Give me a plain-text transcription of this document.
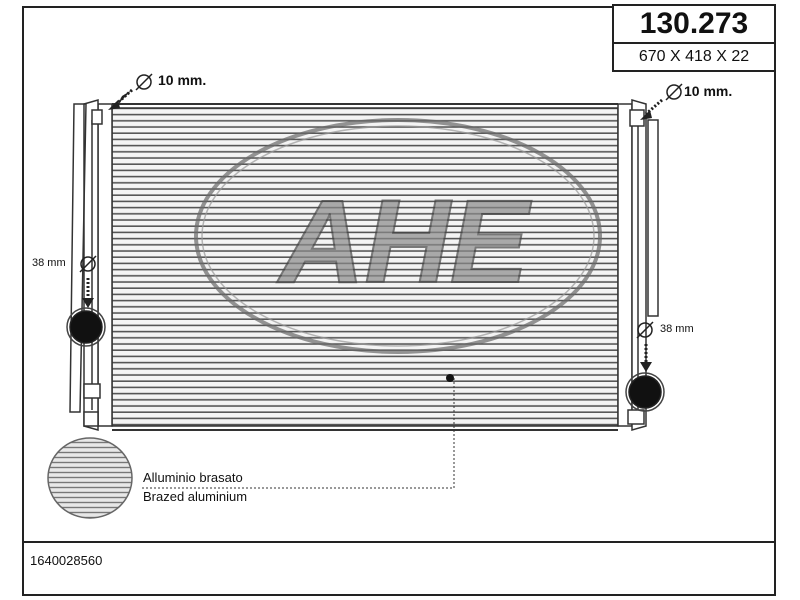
130.273
670 X 418 X 22
AHE
10 mm.
10 mm.
38 mm
38 mm
Alluminio brasato
Brazed aluminium
1640028560
